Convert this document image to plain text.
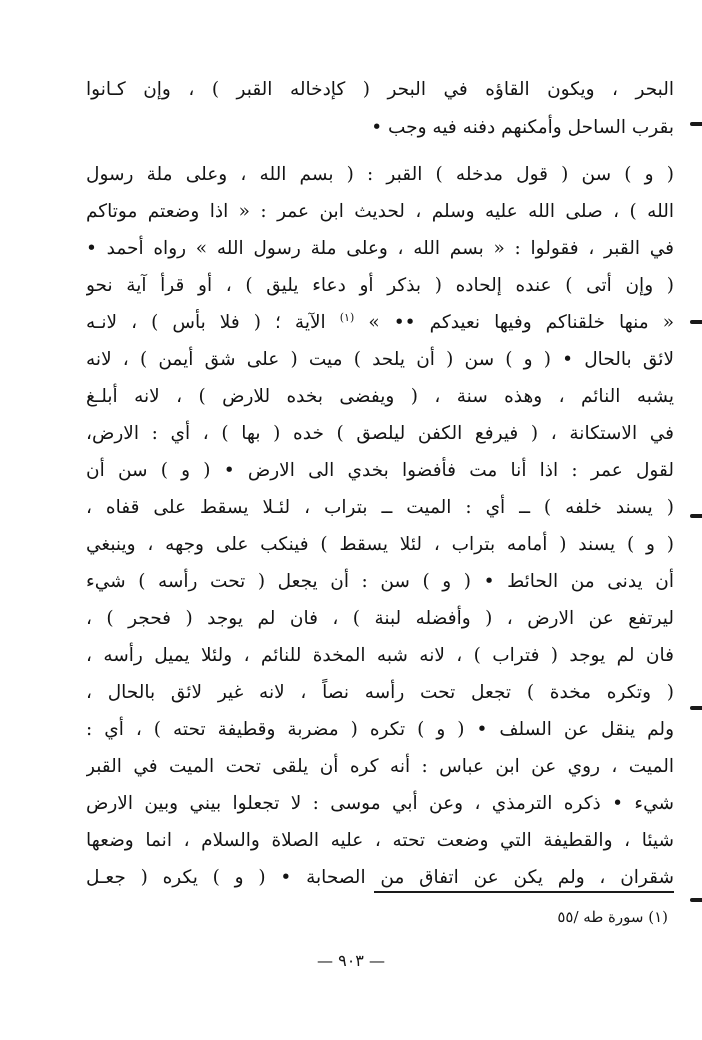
البحر ، ويكون القاؤه في البحر ( كإدخاله القبر ) ، وإن كـانوا
بقرب الساحل وأمكنهم دفنه فيه وجب •
( و ) سن ( قول مدخله ) القبر : ( بسم الله ، وعلى ملة رسول
الله ) ، صلى الله عليه وسلم ، لحديث ابن عمر : « اذا وضعتم موتاكم
في القبر ، فقولوا : « بسم الله ، وعلى ملة رسول الله » رواه أحمد •
( وإن أتى ) عنده إلحاده ( بذكر أو دعاء يليق ) ، أو قرأ آية نحو
« منها خلقناكم وفيها نعيدكم •• » $^{(١)}$ الآية ؛ ( فلا بأس ) ، لانـه
لائق بالحال • ( و ) سن ( أن يلحد ) ميت ( على شق أيمن ) ، لانه
يشبه النائم ، وهذه سنة ، ( ويفضى بخده للارض ) ، لانه أبلـغ
في الاستكانة ، ( فيرفع الكفن ليلصق ) خده ( بها ) ، أي : الارض،
لقول عمر : اذا أنا مت فأفضوا بخدي الى الارض • ( و ) سن أن
( يسند خلفه ) ــ أي : الميت ــ بتراب ، لئـلا يسقط على قفاه ،
( و ) يسند ( أمامه بتراب ، لئلا يسقط ) فينكب على وجهه ، وينبغي
أن يدنى من الحائط • ( و ) سن : أن يجعل ( تحت رأسه ) شيء
ليرتفع عن الارض ، ( وأفضله لبنة ) ، فان لم يوجد ( فحجر ) ،
فان لم يوجد ( فتراب ) ، لانه شبه المخدة للنائم ، ولئلا يميل رأسه ،
( وتكره مخدة ) تجعل تحت رأسه نصاً ، لانه غير لائق بالحال ،
ولم ينقل عن السلف • ( و ) تكره ( مضربة وقطيفة تحته ) ، أي :
الميت ، روي عن ابن عباس : أنه كره أن يلقى تحت الميت في القبر
شيء • ذكره الترمذي ، وعن أبي موسى : لا تجعلوا بيني وبين الارض
شيئا ، والقطيفة التي وضعت تحته ، عليه الصلاة والسلام ، انما وضعها
شقران ، ولم يكن عن اتفاق من الصحابة • ( و ) يكره ( جعـل
(١) سورة طه /٥٥
— ٩٠٣ —
